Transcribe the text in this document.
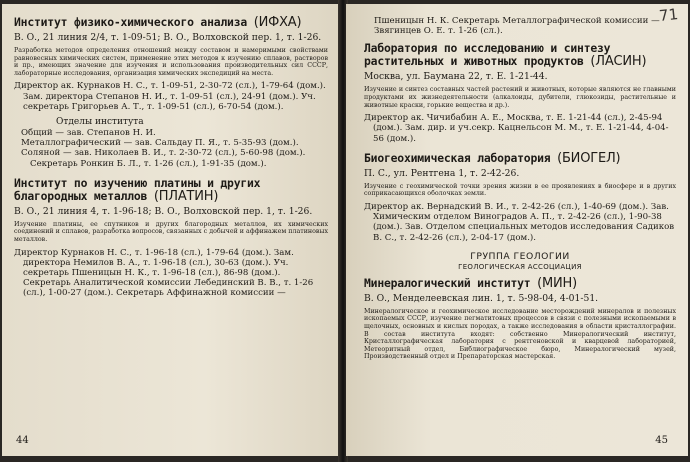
Институт физико-химического анализа (ИФХА)
В. О., 21 линия 2/4, т. 1-09-51; В. О., Волховской пер. 1, т. 1-26.
Разработка методов определения отношений между составом и намеримыми свойствами равновесных химических систем, применение этих методов к изучению сплавов, растворов и пр., имеющих значение для изучения и использования производительных сил СССР, лабораторные исследования, организация химических экспедиций на места.
Директор ак. Курнаков Н. С., т. 1-09-51, 2-30-72 (сл.), 1-79-64 (дом.). Зам. директора Степанов Н. И., т. 1-09-51 (сл.), 24-91 (дом.). Уч. секретарь Григорьев А. Т., т. 1-09-51 (сл.), 6-70-54 (дом.).
Отделы института
Общий — зав. Степанов Н. И.
Металлографический — зав. Сальдау П. Я., т. 5-35-93 (дом.).
Соляной — зав. Николаев В. И., т. 2-30-72 (сл.), 5-60-98 (дом.). Секретарь Ронкин Б. Л., т. 1-26 (сл.), 1-91-35 (дом.).
Институт по изучению платины и других благородных металлов (ПЛАТИН)
В. О., 21 линия 4, т. 1-96-18; В. О., Волховской пер. 1, т. 1-26.
Изучение платины, ее спутников и других благородных металлов, их химических соединений и сплавов, разработка вопросов, связанных с добычей и аффинажем платиновых металлов.
Директор Курнаков Н. С., т. 1-96-18 (сл.), 1-79-64 (дом.). Зам. директора Немилов В. А., т. 1-96-18 (сл.), 30-63 (дом.). Уч. секретарь Пшеницын Н. К., т. 1-96-18 (сл.), 86-98 (дом.). Секретарь Аналитической комиссии Лебединский В. В., т. 1-26 (сл.), 1-00-27 (дом.). Секретарь Аффинажной комиссии —
44
71
Пшеницын Н. К. Секретарь Металлографической комиссии — Звягинцев О. Е. т. 1-26 (сл.).
Лаборатория по исследованию и синтезу растительных и животных продуктов (ЛАСИН)
Москва, ул. Баумана 22, т. Е. 1-21-44.
Изучение и синтез составных частей растений и животных, которые являются не главными продуктами их жизнедеятельности (алкалоиды, дубители, глюкозиды, растительные и животные краски, горькие вещества и др.).
Директор ак. Чичибабин А. Е., Москва, т. Е. 1-21-44 (сл.), 2-45-94 (дом.). Зам. дир. и уч.секр. Кацнельсон М. М., т. Е. 1-21-44, 4-04-56 (дом.).
Биогеохимическая лаборатория (БИОГЕЛ)
П. С., ул. Рентгена 1, т. 2-42-26.
Изучение с геохимической точки зрения жизни в ее проявлениях в биосфере и в других соприкасающихся оболочках земли.
Директор ак. Вернадский В. И., т. 2-42-26 (сл.), 1-40-69 (дом.). Зав. Химическим отделом Виноградов А. П., т. 2-42-26 (сл.), 1-90-38 (дом.). Зав. Отделом специальных методов исследования Садиков В. С., т. 2-42-26 (сл.), 2-04-17 (дом.).
ГРУППА ГЕОЛОГИИ
ГЕОЛОГИЧЕСКАЯ АССОЦИАЦИЯ
Минералогический институт (МИН)
В. О., Менделеевская лин. 1, т. 5-98-04, 4-01-51.
Минералогическое и геохимическое исследование месторождений минералов и полезных ископаемых СССР, изучение пегматитовых процессов в связи с полезными ископаемыми в щелочных, основных и кислых породах, а также исследования в области кристаллографии. В состав института входят: собственно Минералогический институт, Кристаллографическая лаборатория с рентгеновской и кварцевой лабораторией, Метеоритный отдел, Библиографическое бюро, Минералогический музей, Производственный отдел и Препараторская мастерская.
45
